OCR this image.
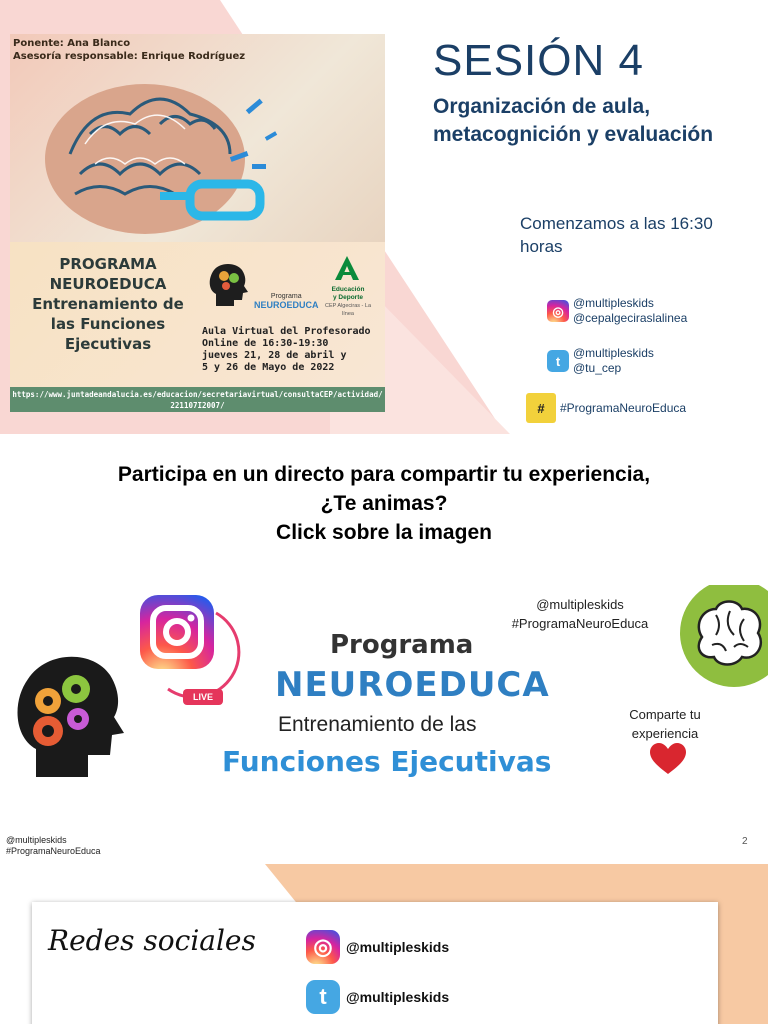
Ponente: Ana Blanco
Asesoría responsable: Enrique Rodríguez
PROGRAMA NEUROEDUCA Entrenamiento de las Funciones Ejecutivas
Programa
NEUROEDUCA
Educación
y Deporte
CEP Algeciras - La línea
Aula Virtual del Profesorado
Online de 16:30-19:30
jueves 21, 28 de abril y
5 y 26 de Mayo de 2022
https://www.juntadeandalucia.es/educacion/secretariavirtual/consultaCEP/actividad/ 221107I2007/
SESIÓN 4
Organización de aula, metacognición y evaluación
Comenzamos a las 16:30 horas
◎
@multipleskids
@cepalgeciraslalinea
t
@multipleskids
@tu_cep
#	#ProgramaNeuroEduca
Participa en un directo para compartir tu experiencia,
¿Te animas?
Click sobre la imagen
LIVE
Programa
NEUROEDUCA
Entrenamiento de las
Funciones Ejecutivas
@multipleskids
#ProgramaNeuroEduca
Comparte tu experiencia
@multipleskids
#ProgramaNeuroEduca
2
Redes sociales	◎ @multipleskids
t	@multipleskids
